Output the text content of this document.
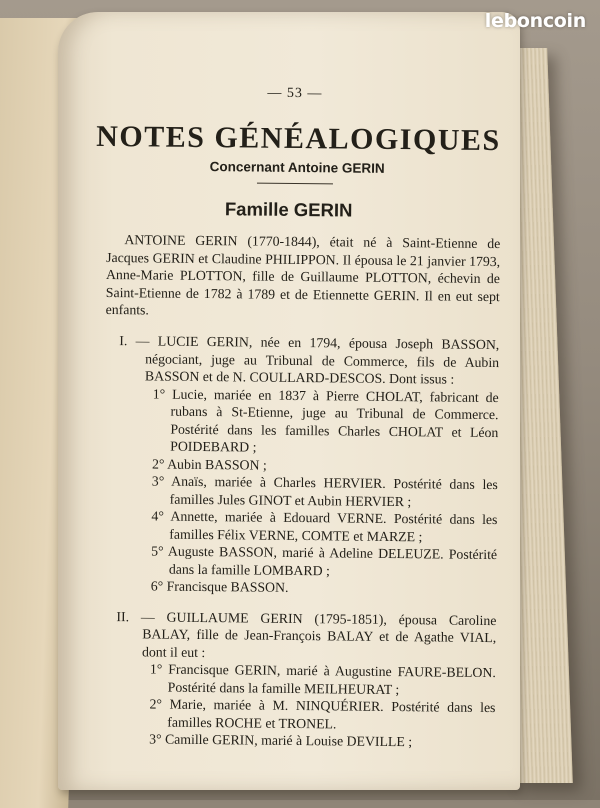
leboncoin
— 53 —
NOTES GÉNÉALOGIQUES
Concernant Antoine GERIN
Famille GERIN

ANTOINE GERIN (1770-1844), était né à Saint-Etienne de Jacques GERIN et Claudine PHILIPPON. Il épousa le 21 janvier 1793, Anne-Marie PLOTTON, fille de Guillaume PLOTTON, échevin de Saint-Etienne de 1782 à 1789 et de Etiennette GERIN. Il en eut sept enfants.

I. — LUCIE GERIN, née en 1794, épousa Joseph BASSON, négociant, juge au Tribunal de Commerce, fils de Aubin BASSON et de N. COULLARD-DESCOS. Dont issus :
1° Lucie, mariée en 1837 à Pierre CHOLAT, fabricant de rubans à St-Etienne, juge au Tribunal de Commerce. Postérité dans les familles Charles CHOLAT et Léon POIDEBARD ;
2° Aubin BASSON ;
3° Anaïs, mariée à Charles HERVIER. Postérité dans les familles Jules GINOT et Aubin HERVIER ;
4° Annette, mariée à Edouard VERNE. Postérité dans les familles Félix VERNE, COMTE et MARZE ;
5° Auguste BASSON, marié à Adeline DELEUZE. Postérité dans la famille LOMBARD ;
6° Francisque BASSON.
II. — GUILLAUME GERIN (1795-1851), épousa Caroline BALAY, fille de Jean-François BALAY et de Agathe VIAL, dont il eut :
1° Francisque GERIN, marié à Augustine FAURE-BELON. Postérité dans la famille MEILHEURAT ;
2° Marie, mariée à M. NINQUÉRIER. Postérité dans les familles ROCHE et TRONEL.
3° Camille GERIN, marié à Louise DEVILLE ;
